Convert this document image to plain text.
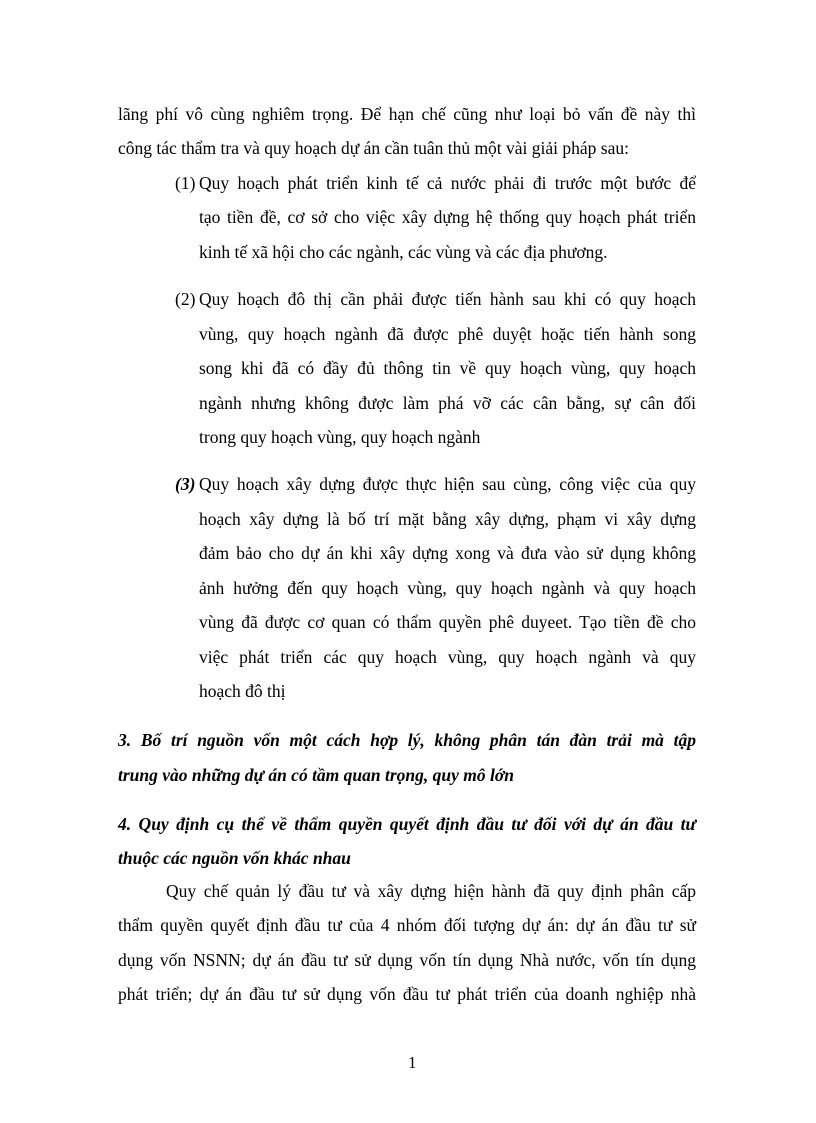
lãng phí vô cùng nghiêm trọng. Để hạn chế cũng như loại bỏ vấn đề này thì
công tác thẩm tra và quy hoạch dự án cần tuân thủ một vài giải pháp sau:
(1) Quy hoạch phát triển kinh tế cả nước phải đi trước một bước để
tạo tiền đề, cơ sở cho việc xây dựng hệ thống quy hoạch phát triển
kinh tế xã hội cho các ngành, các vùng và các địa phương.
(2) Quy hoạch đô thị cần phải được tiến hành sau khi có quy hoạch
vùng, quy hoạch ngành đã được phê duyệt hoặc tiến hành song
song khi đã có đầy đủ thông tin về quy hoạch vùng, quy hoạch
ngành nhưng không được làm phá vỡ các cân bằng, sự cân đối
trong quy hoạch vùng, quy hoạch ngành
(3) Quy hoạch xây dựng được thực hiện sau cùng, công việc của quy
hoạch xây dựng là bố trí mặt bằng xây dựng, phạm vi xây dựng
đảm bảo cho dự án khi xây dựng xong và đưa vào sử dụng không
ảnh hưởng đến quy hoạch vùng, quy hoạch ngành và quy hoạch
vùng đã được cơ quan có thẩm quyền phê duyeet. Tạo tiền đề cho
việc phát triển các quy hoạch vùng, quy hoạch ngành và quy
hoạch đô thị
3. Bố trí nguồn vốn một cách hợp lý, không phân tán đàn trải mà tập
trung vào những dự án có tầm quan trọng, quy mô lớn
4. Quy định cụ thể về thẩm quyền quyết định đầu tư đối với dự án đầu tư
thuộc các nguồn vốn khác nhau
Quy chế quản lý đầu tư và xây dựng hiện hành đã quy định phân cấp
thẩm quyền quyết định đầu tư của 4 nhóm đối tượng dự án: dự án đầu tư sử
dụng vốn NSNN; dự án đầu tư sử dụng vốn tín dụng Nhà nước, vốn tín dụng
phát triển; dự án đầu tư sử dụng vốn đầu tư phát triển của doanh nghiệp nhà
1
